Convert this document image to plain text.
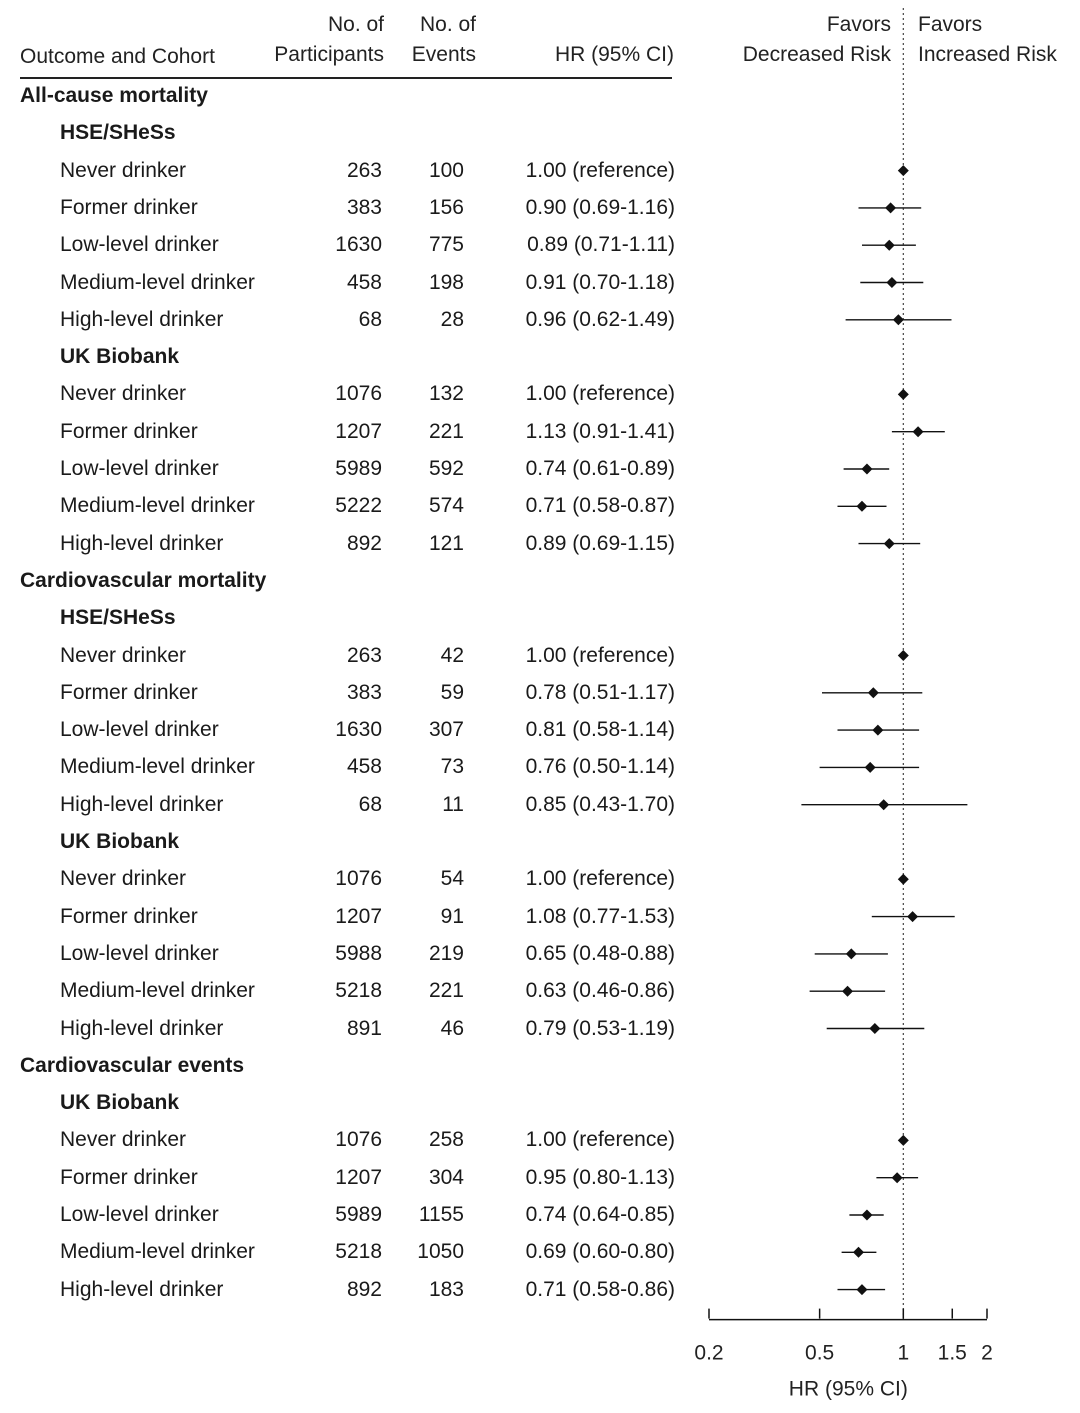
Outcome and Cohort
No. of
Participants
No. of
Events	HR (95% CI)
Favors
Decreased Risk
Favors
Increased Risk
All-cause mortality
HSE/SHeSs
Never drinker	263	100	1.00 (reference)
Former drinker	383	156	0.90 (0.69-1.16)
Low-level drinker	1630	775	0.89 (0.71-1.11)
Medium-level drinker	458	198	0.91 (0.70-1.18)
High-level drinker	68	28	0.96 (0.62-1.49)
UK Biobank
Never drinker	1076	132	1.00 (reference)
Former drinker	1207	221	1.13 (0.91-1.41)
Low-level drinker	5989	592	0.74 (0.61-0.89)
Medium-level drinker	5222	574	0.71 (0.58-0.87)
High-level drinker	892	121	0.89 (0.69-1.15)
Cardiovascular mortality
HSE/SHeSs
Never drinker	263	42	1.00 (reference)
Former drinker	383	59	0.78 (0.51-1.17)
Low-level drinker	1630	307	0.81 (0.58-1.14)
Medium-level drinker	458	73	0.76 (0.50-1.14)
High-level drinker	68	11	0.85 (0.43-1.70)
UK Biobank
Never drinker	1076	54	1.00 (reference)
Former drinker	1207	91	1.08 (0.77-1.53)
Low-level drinker	5988	219	0.65 (0.48-0.88)
Medium-level drinker	5218	221	0.63 (0.46-0.86)
High-level drinker	891	46	0.79 (0.53-1.19)
Cardiovascular events
UK Biobank
Never drinker	1076	258	1.00 (reference)
Former drinker	1207	304	0.95 (0.80-1.13)
Low-level drinker	5989	1155	0.74 (0.64-0.85)
Medium-level drinker	5218	1050	0.69 (0.60-0.80)
High-level drinker	892	183	0.71 (0.58-0.86)
0.2	0.5	1 1.5 2
HR (95% CI)
